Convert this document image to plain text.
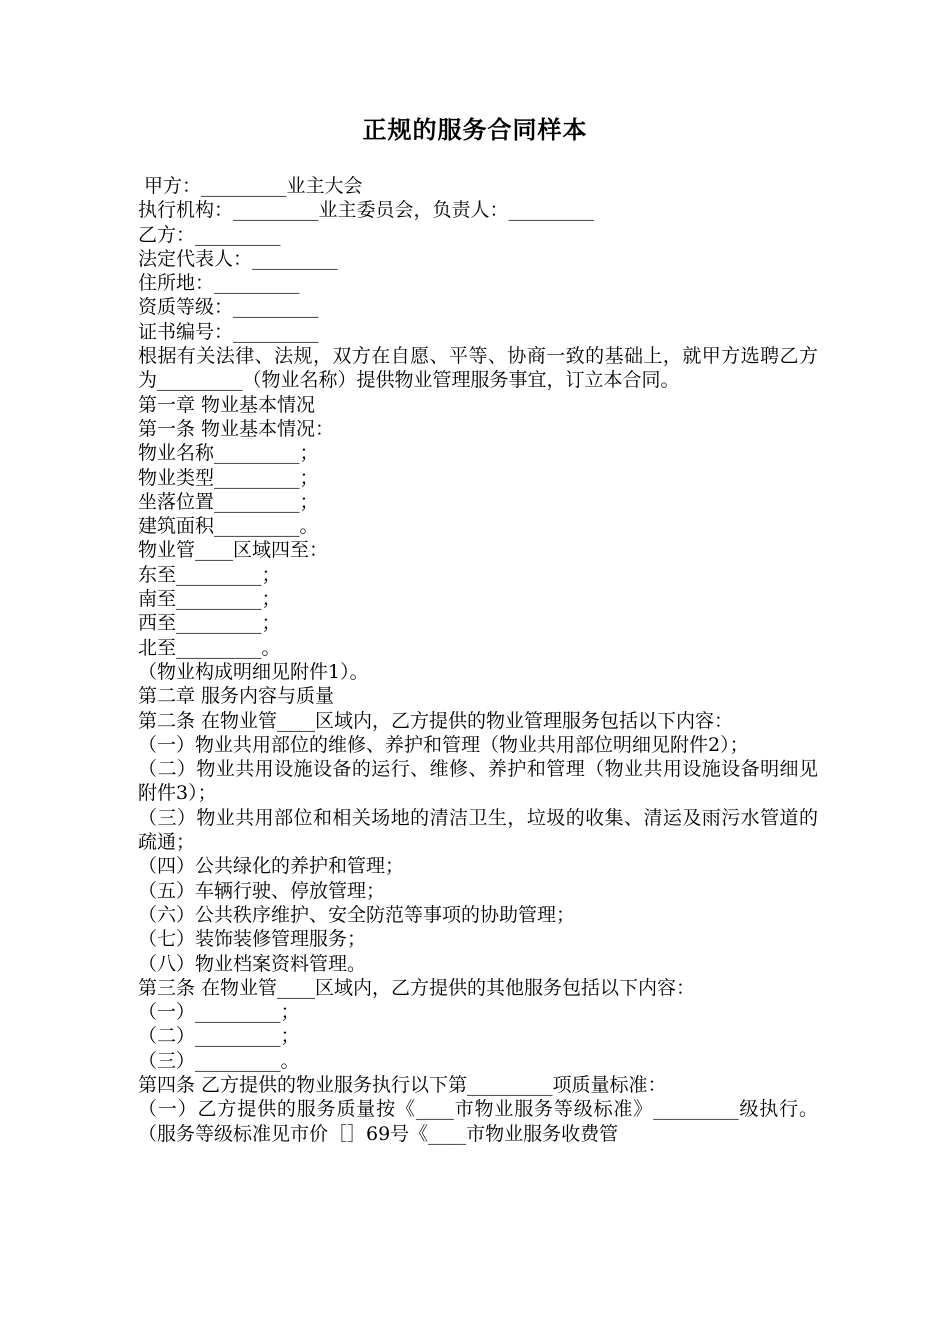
正规的服务合同样本
甲方：_________业主大会
执行机构：_________业主委员会，负责人：_________
乙方：_________
法定代表人：_________
住所地：_________
资质等级：_________
证书编号：_________
根据有关法律、法规，双方在自愿、平等、协商一致的基础上，就甲方选聘乙方为_________（物业名称）提供物业管理服务事宜，订立本合同。
第一章 物业基本情况
第一条 物业基本情况：
物业名称_________；
物业类型_________；
坐落位置_________；
建筑面积_________。
物业管____区域四至：
东至_________；
南至_________；
西至_________；
北至_________。
（物业构成明细见附件1）。
第二章 服务内容与质量
第二条 在物业管____区域内，乙方提供的物业管理服务包括以下内容：
（一）物业共用部位的维修、养护和管理（物业共用部位明细见附件2）；
（二）物业共用设施设备的运行、维修、养护和管理（物业共用设施设备明细见附件3）；
（三）物业共用部位和相关场地的清洁卫生，垃圾的收集、清运及雨污水管道的疏通；
（四）公共绿化的养护和管理；
（五）车辆行驶、停放管理；
（六）公共秩序维护、安全防范等事项的协助管理；
（七）装饰装修管理服务；
（八）物业档案资料管理。
第三条 在物业管____区域内，乙方提供的其他服务包括以下内容：
（一）_________；
（二）_________；
（三）_________。
第四条 乙方提供的物业服务执行以下第_________项质量标准：
（一）乙方提供的服务质量按《____市物业服务等级标准》_________级执行。（服务等级标准见市价［］69号《____市物业服务收费管
